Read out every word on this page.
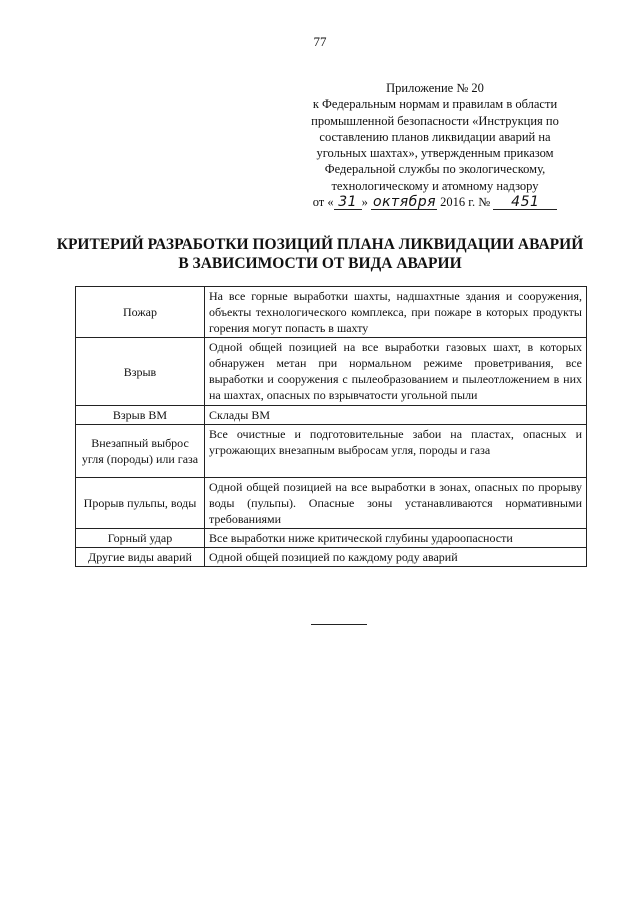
77
Приложение № 20
к Федеральным нормам и правилам в области
промышленной безопасности «Инструкция по
составлению планов ликвидации аварий на
угольных шахтах», утвержденным приказом
Федеральной службы по экологическому,
технологическому и атомному надзору
от « 31 » октября 2016 г. № 451
КРИТЕРИЙ РАЗРАБОТКИ ПОЗИЦИЙ ПЛАНА ЛИКВИДАЦИИ АВАРИЙ
В ЗАВИСИМОСТИ ОТ ВИДА АВАРИИ
Пожар	На все горные выработки шахты, надшахтные здания и сооружения, объекты технологического комплекса, при пожаре в которых продукты горения могут попасть в шахту
Взрыв	Одной общей позицией на все выработки газовых шахт, в которых обнаружен метан при нормальном режиме проветривания, все выработки и сооружения с пылеобразованием и пылеотложением в них на шахтах, опасных по взрывчатости угольной пыли
Взрыв ВМ	Склады ВМ
Внезапный выброс угля (породы) или газа	Все очистные и подготовительные забои на пластах, опасных и угрожающих внезапным выбросам угля, породы и газа
Прорыв пульпы, воды	Одной общей позицией на все выработки в зонах, опасных по прорыву воды (пульпы). Опасные зоны устанавливаются нормативными требованиями
Горный удар	Все выработки ниже критической глубины удароопасности
Другие виды аварий	Одной общей позицией по каждому роду аварий
